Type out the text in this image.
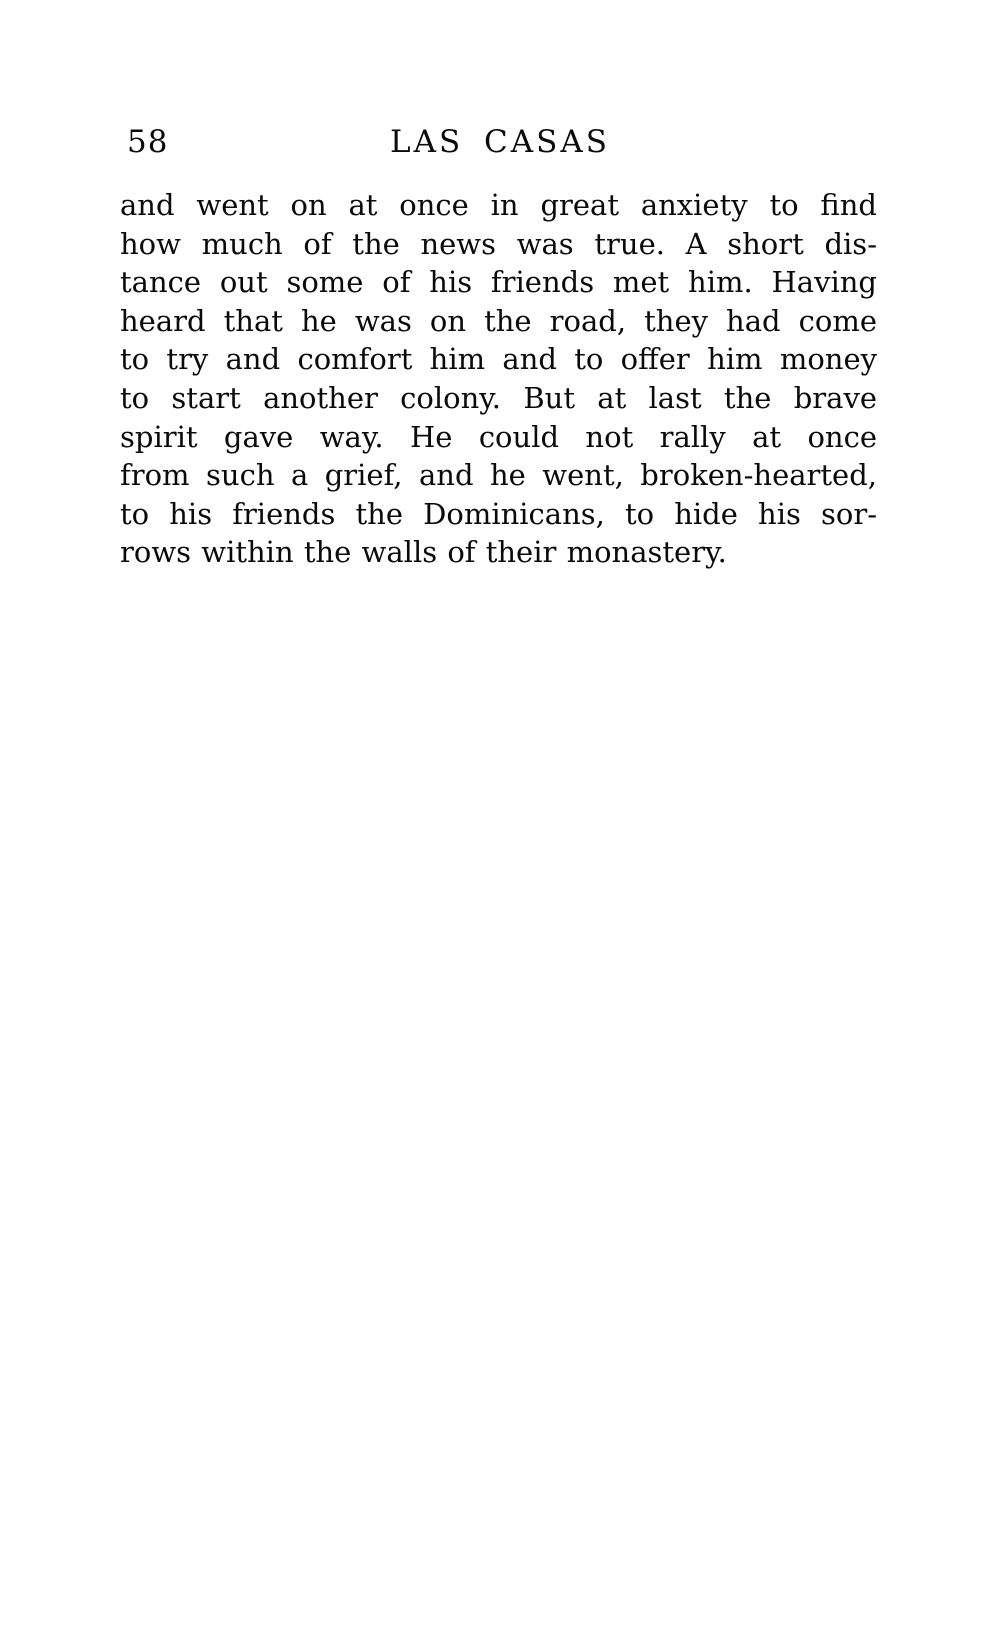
58	LAS CASAS
and went on at once in great anxiety to find
how much of the news was true. A short dis-
tance out some of his friends met him. Having
heard that he was on the road, they had come
to try and comfort him and to offer him money
to start another colony. But at last the brave
spirit gave way. He could not rally at once
from such a grief, and he went, broken-hearted,
to his friends the Dominicans, to hide his sor-
rows within the walls of their monastery.
